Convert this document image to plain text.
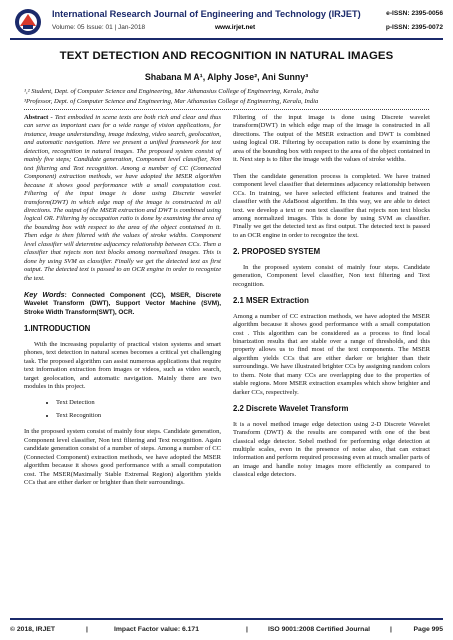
International Research Journal of Engineering and Technology (IRJET)
Volume: 05 Issue: 01 | Jan-2018	www.irjet.net
e-ISSN: 2395-0056
p-ISSN: 2395-0072
TEXT DETECTION AND RECOGNITION IN NATURAL IMAGES
Shabana M A¹, Alphy Jose², Ani Sunny³
¹,² Student, Dept. of Computer Science and Engineering, Mar Athanasius College of Engineering, Kerala, India
³Professor, Dept. of Computer Science and Engineering, Mar Athanasius College of Engineering, Kerala, India

Abstract - Text embodied in scene texts are both rich and clear and thus can serve as important cues for a wide range of vision applications, for instance, image understanding, image indexing, video search, geolocation, and automatic navigation. Here we present a unified framework for text detection, recognition in natural images. The proposed system consist of mainly five steps; Candidate generation, Component level classifier, Non text filtering and Text recognition. Among a number of CC (Connected Component) extraction methods, we have adopted the MSER algorithm because it shows good performance with a small computation cost. Filtering of the input image is done using Discrete wavelet transform(DWT) in which edge map of the image is constructed in all directions. The output of the MSER extraction and DWT is combined using logical OR. Filtering by occupation ratio is done by examining the area of the bounding box with respect to the area of the object contained in it. Then edge is then filtered with the values of stroke widths. Component level classifier will determine adjacency relationship between CCs. Then a classifier that rejects non text blocks among normalized images. This is done by using SVM as classifier. Finally we get the detected text as first output. The detected text is passed to an OCR engine in order to recognize the text.

Key Words: Connected Component (CC), MSER, Discrete Wavelet Transform (DWT), Support Vector Machine (SVM), Stroke Width Transform(SWT), OCR.

1.INTRODUCTION

With the increasing popularity of practical vision systems and smart phones, text detection in natural scenes becomes a critical yet challenging task. The proposed algorithm can assist numerous applications that require text information extraction from images or videos, such as video search, target geolocation, and automatic navigation. Mainly there are two modules in this project.

• Text Detection
• Text Recognition

In the proposed system consist of mainly four steps. Candidate generation, Component level classifier, Non text filtering and Text recognition. Again candidate generation consist of a number of steps. Among a number of CC (Connected Component) extraction methods, we have adopted the MSER algorithm because it shows good performance with a small computation cost. The MSER(Maximally Stable Extremal Region) algorithm yields CCs that are either darker or brighter than their surroundings.

Filtering of the input image is done using Discrete wavelet transform(DWT) in which edge map of the image is constructed in all directions. The output of the MSER extraction and DWT is combined using logical OR. Filtering by occupation ratio is done by examining the area of the bounding box with respect to the area of the object contained in it. Next step is to filter the image with the values of stroke widths.

Then the candidate generation process is completed. We have trained component level classifier that determines adjacency relationship between CCs. In training, we have selected efficient features and trained the classifier with the AdaBoost algorithm. In this way, we are able to detect text. we develop a text or non text classifier that rejects non text blocks among normalized images. This is done by using SVM as classifier. Finally we get the detected text as first output. The detected text is passed to an OCR engine in order to recognize the text.

2. PROPOSED SYSTEM

In the proposed system consist of mainly four steps. Candidate generation, Component level classifier, Non text filtering and Text recognition.

2.1 MSER Extraction

Among a number of CC extraction methods, we have adopted the MSER algorithm because it shows good performance with a small computation cost . This algorithm can be considered as a process to find local binarization results that are stable over a range of thresholds, and this property allows us to find most of the text components. The MSER algorithm yields CCs that are either darker or brighter than their surroundings. We have illustrated brighter CCs by assigning random colors to them. Note that many CCs are overlapping due to the properties of stable regions. More MSER extraction examples which show brighter and darker CCs, respectively.

2.2 Discrete Wavelet Transform

It is a novel method image edge detection using 2-D Discrete Wavelet Transform (DWT) & the results are compared with one of the best classical edge detector. Sobel method for performing edge detection at multiple scales, even in the presence of noise also, that can extract information and perform required processing even at much smaller parts of an image and handle noisy images more efficiently as compared to classical edge detectors.

© 2018, IRJET	|	Impact Factor value: 6.171	|	ISO 9001:2008 Certified Journal	|	Page 995
